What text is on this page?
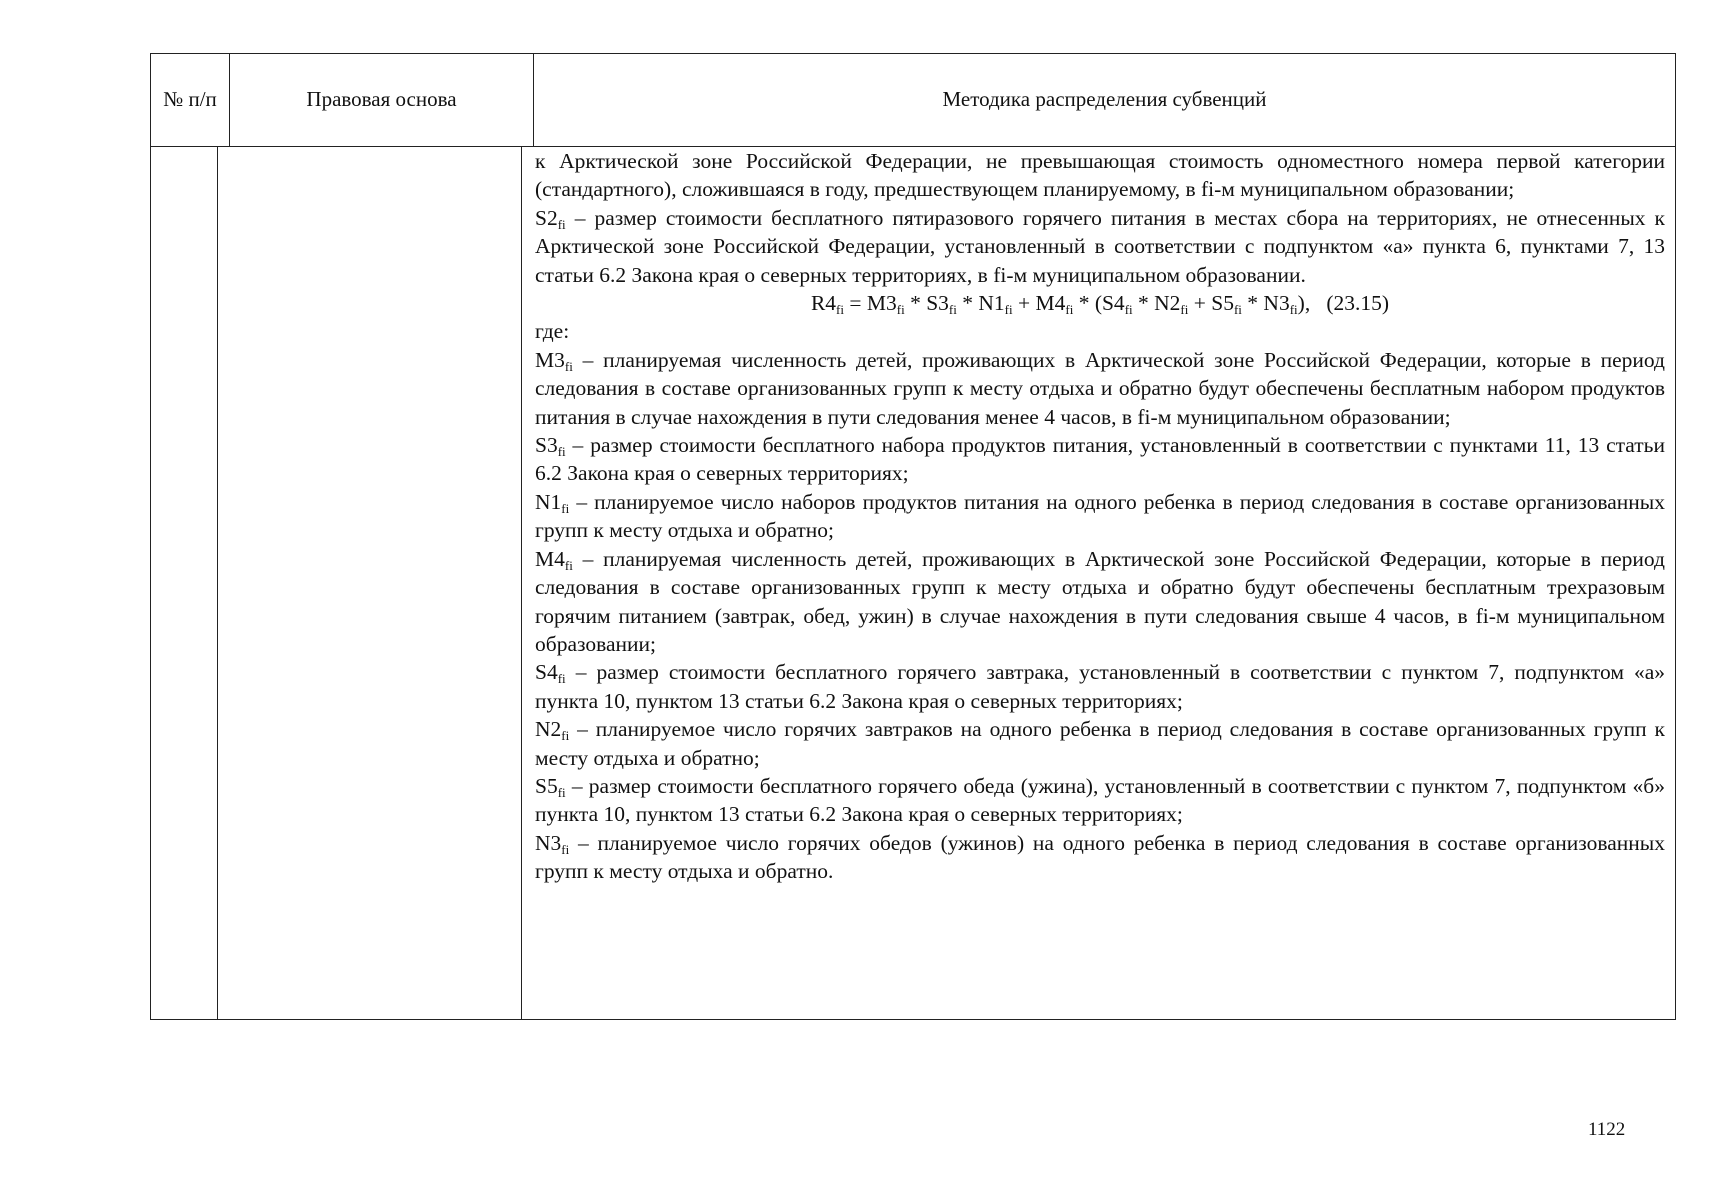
№ п/п	Правовая основа	Методика распределения субвенций

к Арктической зоне Российской Федерации, не превышающая стоимость одноместного номера первой категории (стандартного), сложившаяся в году, предшествующем планируемому, в fi-м муниципальном образовании;

$S2_{fi}$ – размер стоимости бесплатного пятиразового горячего питания в местах сбора на территориях, не отнесенных к Арктической зоне Российской Федерации, установленный в соответствии с подпунктом «а» пункта 6, пунктами 7, 13 статьи 6.2 Закона края о северных территориях, в fi-м муниципальном образовании.

$R4_{fi} = M3_{fi} * S3_{fi} * N1_{fi} + M4_{fi} * (S4_{fi} * N2_{fi} + S5_{fi} * N3_{fi})$, (23.15)

где:

$M3_{fi}$ – планируемая численность детей, проживающих в Арктической зоне Российской Федерации, которые в период следования в составе организованных групп к месту отдыха и обратно будут обеспечены бесплатным набором продуктов питания в случае нахождения в пути следования менее 4 часов, в fi-м муниципальном образовании;

$S3_{fi}$ – размер стоимости бесплатного набора продуктов питания, установленный в соответствии с пунктами 11, 13 статьи 6.2 Закона края о северных территориях;

$N1_{fi}$ – планируемое число наборов продуктов питания на одного ребенка в период следования в составе организованных групп к месту отдыха и обратно;

$M4_{fi}$ – планируемая численность детей, проживающих в Арктической зоне Российской Федерации, которые в период следования в составе организованных групп к месту отдыха и обратно будут обеспечены бесплатным трехразовым горячим питанием (завтрак, обед, ужин) в случае нахождения в пути следования свыше 4 часов, в fi-м муниципальном образовании;

$S4_{fi}$ – размер стоимости бесплатного горячего завтрака, установленный в соответствии с пунктом 7, подпунктом «а» пункта 10, пунктом 13 статьи 6.2 Закона края о северных территориях;

$N2_{fi}$ – планируемое число горячих завтраков на одного ребенка в период следования в составе организованных групп к месту отдыха и обратно;

$S5_{fi}$ – размер стоимости бесплатного горячего обеда (ужина), установленный в соответствии с пунктом 7, подпунктом «б» пункта 10, пунктом 13 статьи 6.2 Закона края о северных территориях;

$N3_{fi}$ – планируемое число горячих обедов (ужинов) на одного ребенка в период следования в составе организованных групп к месту отдыха и обратно.

1122
